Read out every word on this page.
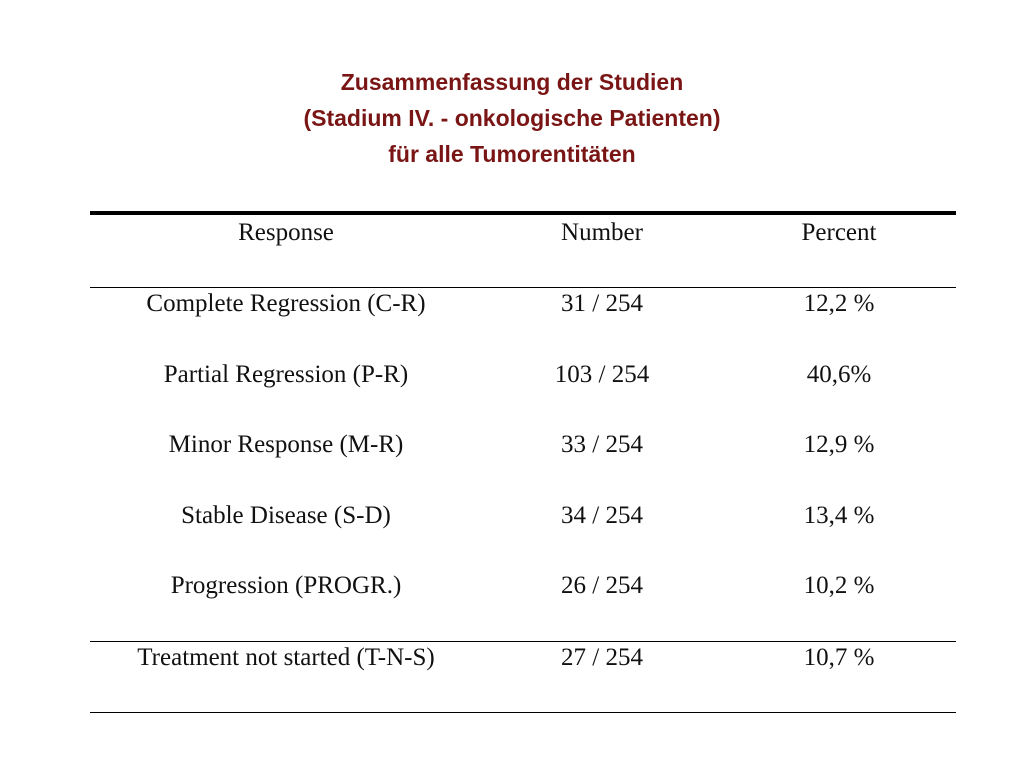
Zusammenfassung der Studien
(Stadium IV. - onkologische Patienten)
für alle Tumorentitäten
Response	Number	Percent
Complete Regression (C-R)	31 / 254	12,2 %
Partial Regression (P-R)	103 / 254	40,6%
Minor Response (M-R)	33 / 254	12,9 %
Stable Disease (S-D)	34 / 254	13,4 %
Progression (PROGR.)	26 / 254	10,2 %
Treatment not started (T-N-S)	27 / 254	10,7 %
